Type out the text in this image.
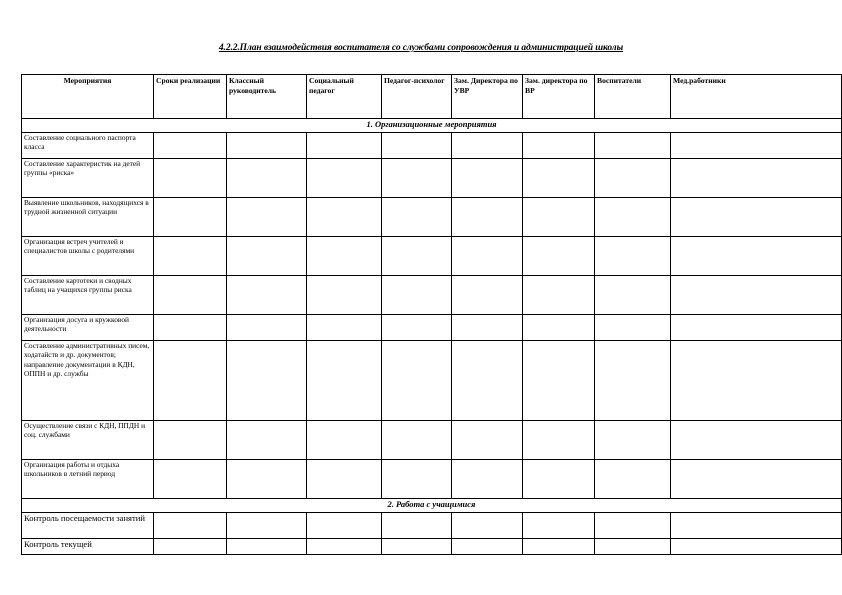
4.2.2.План взаимодействия воспитателя со службами сопровождения и администрацией школы
Мероприятия	Сроки реализации	Классный руководитель	Социальный педагог	Педагог-психолог	Зам. Директора по УВР	Зам. директора по ВР	Воспитатели	Мед.работники
1. Организационные мероприятия								
Составление социального паспорта класса								
Составление характеристик на детей группы «риска»								
Выявление школьников, находящихся в трудной жизненной ситуации								
Организация встреч учителей и специалистов школы с родителями								
Составление картотеки и сводных таблиц на учащихся группы риска								
Организация досуга и кружковой деятельности								
Составление административных писем, ходатайств и др. документов; направление документации в КДН, ОППН и др. службы								
Осуществление связи с КДН, ППДН и соц. службами								
Организация работы и отдыха школьников в летний период								
2. Работа с учащимися								
Контроль посещаемости занятий								
Контроль текущей								
